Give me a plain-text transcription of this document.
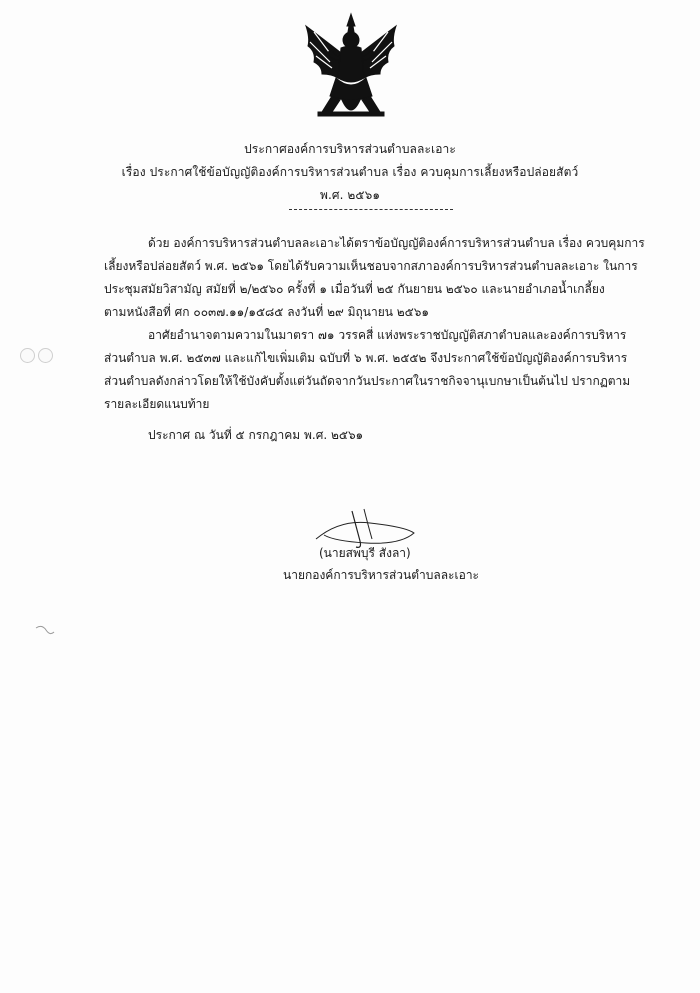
ประกาศองค์การบริหารส่วนตำบลละเอาะ
เรื่อง ประกาศใช้ข้อบัญญัติองค์การบริหารส่วนตำบล เรื่อง ควบคุมการเลี้ยงหรือปล่อยสัตว์
พ.ศ. ๒๕๖๑
ด้วย องค์การบริหารส่วนตำบลละเอาะได้ตราข้อบัญญัติองค์การบริหารส่วนตำบล เรื่อง ควบคุมการ
เลี้ยงหรือปล่อยสัตว์ พ.ศ. ๒๕๖๑ โดยได้รับความเห็นชอบจากสภาองค์การบริหารส่วนตำบลละเอาะ ในการ
ประชุมสมัยวิสามัญ สมัยที่ ๒/๒๕๖๐ ครั้งที่ ๑ เมื่อวันที่ ๒๕ กันยายน ๒๕๖๐ และนายอำเภอน้ำเกลี้ยง
ตามหนังสือที่ ศก ๐๐๓๗.๑๑/๑๕๘๕ ลงวันที่ ๒๙ มิถุนายน ๒๕๖๑
อาศัยอำนาจตามความในมาตรา ๗๑ วรรคสี่ แห่งพระราชบัญญัติสภาตำบลและองค์การบริหาร
ส่วนตำบล พ.ศ. ๒๕๓๗ และแก้ไขเพิ่มเติม ฉบับที่ ๖ พ.ศ. ๒๕๕๒ จึงประกาศใช้ข้อบัญญัติองค์การบริหาร
ส่วนตำบลดังกล่าวโดยให้ใช้บังคับตั้งแต่วันถัดจากวันประกาศในราชกิจจานุเบกษาเป็นต้นไป ปรากฏตาม
รายละเอียดแนบท้าย
ประกาศ ณ วันที่ ๕ กรกฎาคม พ.ศ. ๒๕๖๑
(นายสพบุรี สังลา)
นายกองค์การบริหารส่วนตำบลละเอาะ
